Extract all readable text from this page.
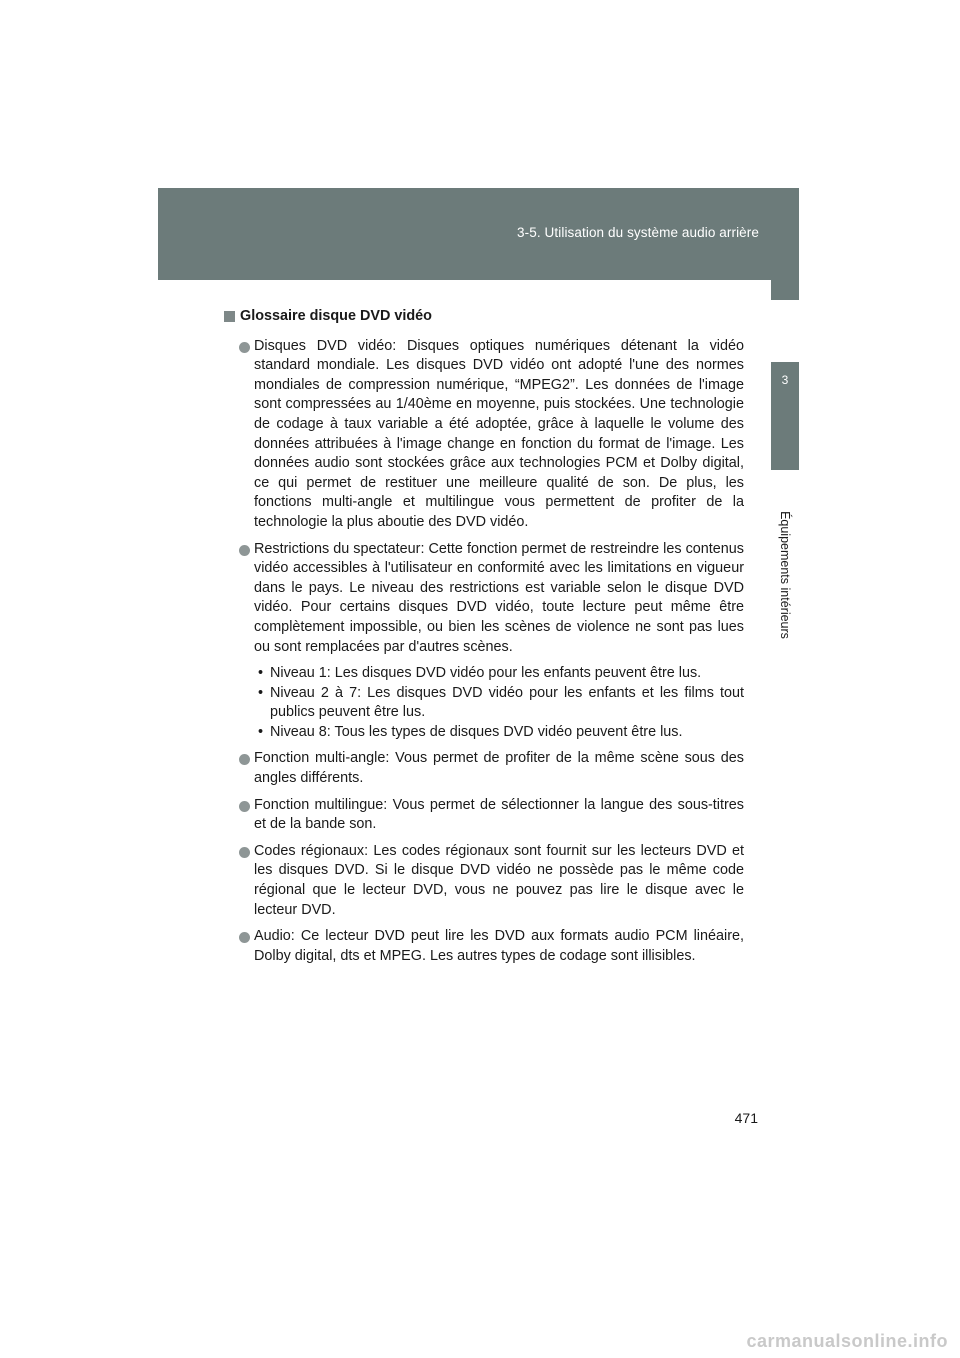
3-5. Utilisation du système audio arrière
3
Équipements intérieurs
Glossaire disque DVD vidéo
Disques DVD vidéo: Disques optiques numériques détenant la vidéo standard mondiale. Les disques DVD vidéo ont adopté l'une des normes mondiales de compression numérique, “MPEG2”. Les données de l'image sont compressées au 1/40ème en moyenne, puis stockées. Une technologie de codage à taux variable a été adoptée, grâce à laquelle le volume des données attribuées à l'image change en fonction du format de l'image. Les données audio sont stockées grâce aux technologies PCM et Dolby digital, ce qui permet de restituer une meilleure qualité de son. De plus, les fonctions multi-angle et multilingue vous permettent de profiter de la technologie la plus aboutie des DVD vidéo.
Restrictions du spectateur: Cette fonction permet de restreindre les contenus vidéo accessibles à l'utilisateur en conformité avec les limitations en vigueur dans le pays. Le niveau des restrictions est variable selon le disque DVD vidéo. Pour certains disques DVD vidéo, toute lecture peut même être complètement impossible, ou bien les scènes de violence ne sont pas lues ou sont remplacées par d'autres scènes.
• Niveau 1: Les disques DVD vidéo pour les enfants peuvent être lus.
• Niveau 2 à 7: Les disques DVD vidéo pour les enfants et les films tout publics peuvent être lus.
• Niveau 8: Tous les types de disques DVD vidéo peuvent être lus.
Fonction multi-angle: Vous permet de profiter de la même scène sous des angles différents.
Fonction multilingue: Vous permet de sélectionner la langue des sous-titres et de la bande son.
Codes régionaux: Les codes régionaux sont fournit sur les lecteurs DVD et les disques DVD. Si le disque DVD vidéo ne possède pas le même code régional que le lecteur DVD, vous ne pouvez pas lire le disque avec le lecteur DVD.
Audio: Ce lecteur DVD peut lire les DVD aux formats audio PCM linéaire, Dolby digital, dts et MPEG. Les autres types de codage sont illisibles.
471
carmanualsonline.info
